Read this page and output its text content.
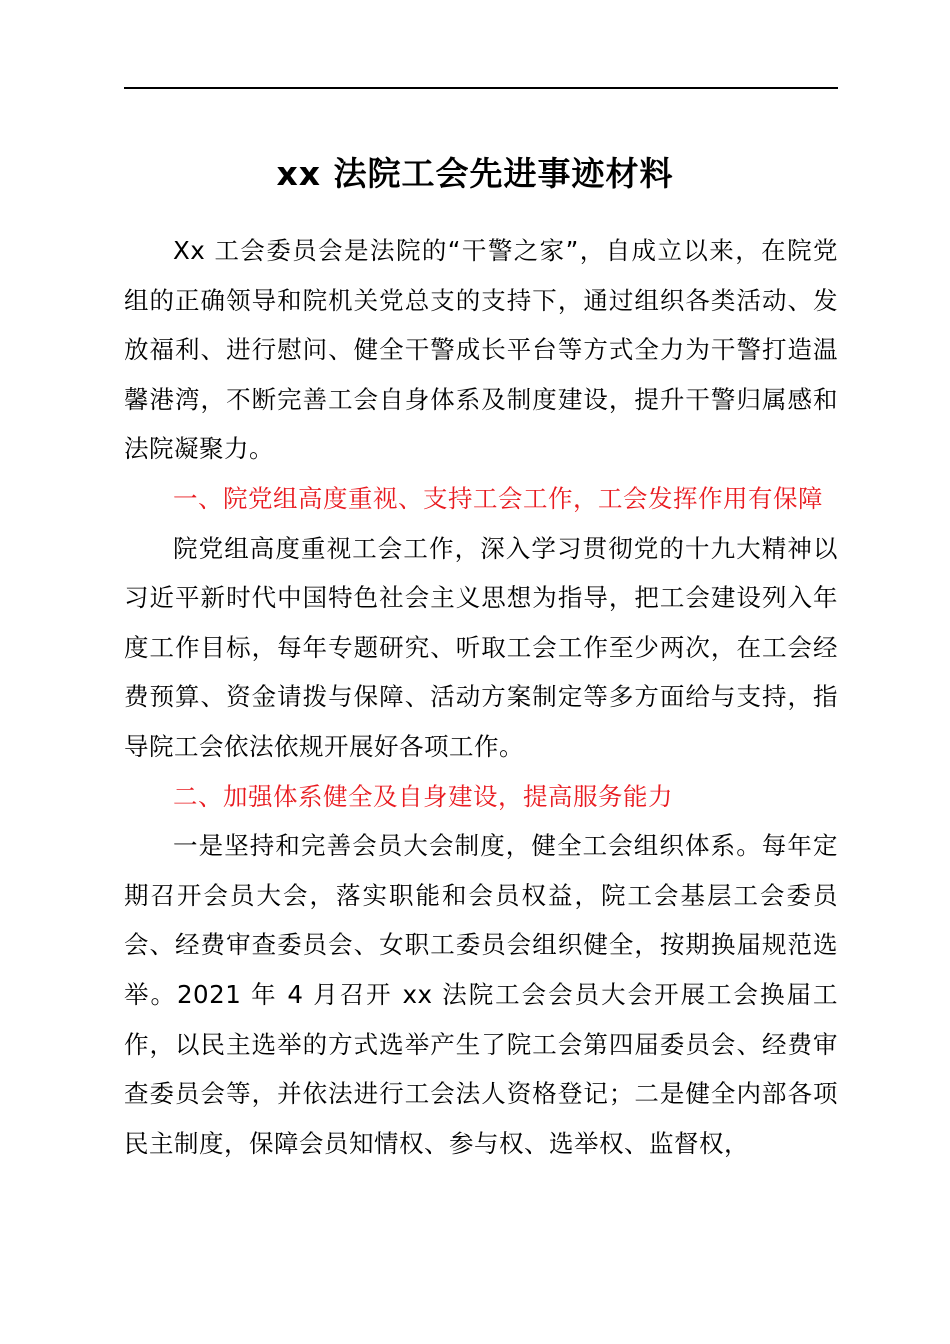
xx 法院工会先进事迹材料

Xx 工会委员会是法院的“干警之家”，自成立以来，在院党组的正确领导和院机关党总支的支持下，通过组织各类活动、发放福利、进行慰问、健全干警成长平台等方式全力为干警打造温馨港湾，不断完善工会自身体系及制度建设，提升干警归属感和法院凝聚力。

一、院党组高度重视、支持工会工作，工会发挥作用有保障

院党组高度重视工会工作，深入学习贯彻党的十九大精神以习近平新时代中国特色社会主义思想为指导，把工会建设列入年度工作目标，每年专题研究、听取工会工作至少两次，在工会经费预算、资金请拨与保障、活动方案制定等多方面给与支持，指导院工会依法依规开展好各项工作。

二、加强体系健全及自身建设，提高服务能力

一是坚持和完善会员大会制度，健全工会组织体系。每年定期召开会员大会，落实职能和会员权益，院工会基层工会委员会、经费审查委员会、女职工委员会组织健全，按期换届规范选举。2021 年 4 月召开 xx 法院工会会员大会开展工会换届工作，以民主选举的方式选举产生了院工会第四届委员会、经费审查委员会等，并依法进行工会法人资格登记；二是健全内部各项民主制度，保障会员知情权、参与权、选举权、监督权，
